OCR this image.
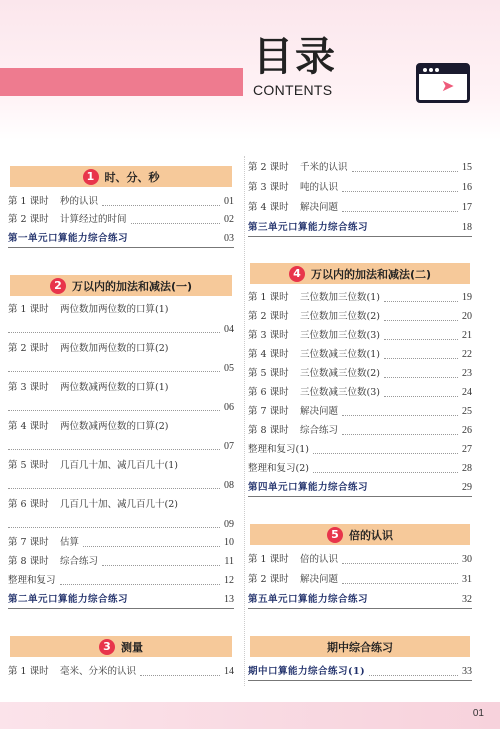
目录
CONTENTS	➤
1 时、分、秒
第 1 课时	秒的认识	01
第 2 课时	计算经过的时间	02
第一单元口算能力综合练习	03
2 万以内的加法和减法(一)
第 1 课时	两位数加两位数的口算(1)
04
第 2 课时	两位数加两位数的口算(2)
05
第 3 课时	两位数减两位数的口算(1)
06
第 4 课时	两位数减两位数的口算(2)
07
第 5 课时	几百几十加、减几百几十(1)
08
第 6 课时	几百几十加、减几百几十(2)
09
第 7 课时	估算	10
第 8 课时	综合练习	11
整理和复习	12
第二单元口算能力综合练习	13
3 测量
第 1 课时	毫米、分米的认识	14
第 2 课时	千米的认识	15
第 3 课时	吨的认识	16
第 4 课时	解决问题	17
第三单元口算能力综合练习	18
4 万以内的加法和减法(二)
第 1 课时	三位数加三位数(1)	19
第 2 课时	三位数加三位数(2)	20
第 3 课时	三位数加三位数(3)	21
第 4 课时	三位数减三位数(1)	22
第 5 课时	三位数减三位数(2)	23
第 6 课时	三位数减三位数(3)	24
第 7 课时	解决问题	25
第 8 课时	综合练习	26
整理和复习(1)	27
整理和复习(2)	28
第四单元口算能力综合练习	29
5 倍的认识
第 1 课时	倍的认识	30
第 2 课时	解决问题	31
第五单元口算能力综合练习	32
期中综合练习
期中口算能力综合练习(1)	33
01
